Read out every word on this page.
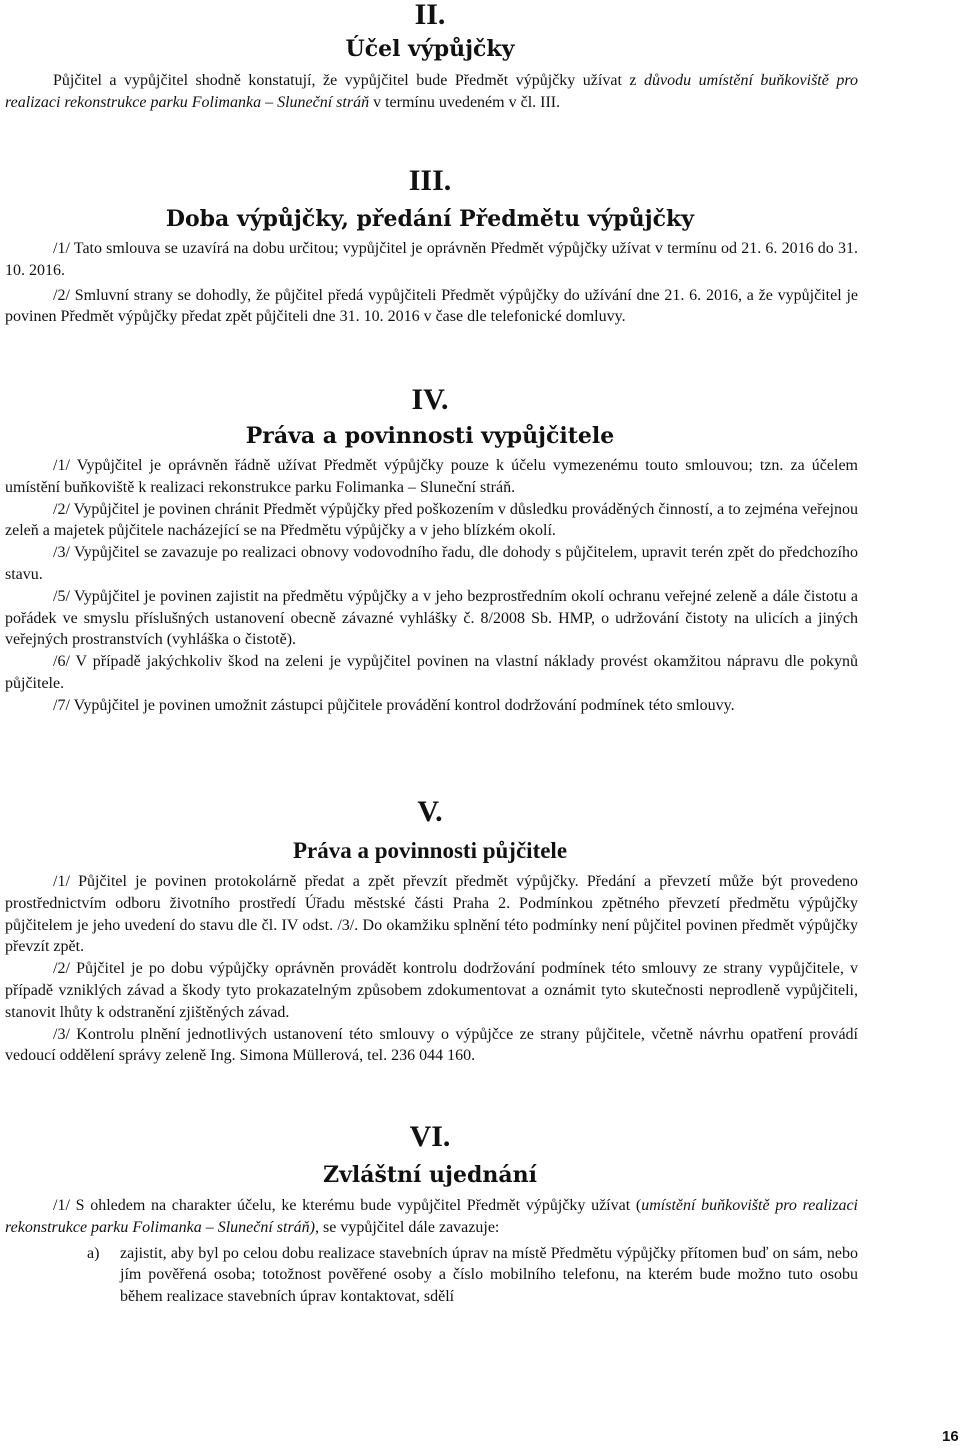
II.
Účel výpůjčky

Půjčitel a vypůjčitel shodně konstatují, že vypůjčitel bude Předmět výpůjčky užívat z důvodu umístění buňkoviště pro realizaci rekonstrukce parku Folimanka – Sluneční stráň v termínu uvedeném v čl. III.

III.
Doba výpůjčky, předání Předmětu výpůjčky

/1/ Tato smlouva se uzavírá na dobu určitou; vypůjčitel je oprávněn Předmět výpůjčky užívat v termínu od 21. 6. 2016 do 31. 10. 2016.

/2/ Smluvní strany se dohodly, že půjčitel předá vypůjčiteli Předmět výpůjčky do užívání dne 21. 6. 2016, a že vypůjčitel je povinen Předmět výpůjčky předat zpět půjčiteli dne 31. 10. 2016 v čase dle telefonické domluvy.

IV.
Práva a povinnosti vypůjčitele

/1/ Vypůjčitel je oprávněn řádně užívat Předmět výpůjčky pouze k účelu vymezenému touto smlouvou; tzn. za účelem umístění buňkoviště k realizaci rekonstrukce parku Folimanka – Sluneční stráň.

/2/ Vypůjčitel je povinen chránit Předmět výpůjčky před poškozením v důsledku prováděných činností, a to zejména veřejnou zeleň a majetek půjčitele nacházející se na Předmětu výpůjčky a v jeho blízkém okolí.

/3/ Vypůjčitel se zavazuje po realizaci obnovy vodovodního řadu, dle dohody s půjčitelem, upravit terén zpět do předchozího stavu.

/5/ Vypůjčitel je povinen zajistit na předmětu výpůjčky a v jeho bezprostředním okolí ochranu veřejné zeleně a dále čistotu a pořádek ve smyslu příslušných ustanovení obecně závazné vyhlášky č. 8/2008 Sb. HMP, o udržování čistoty na ulicích a jiných veřejných prostranstvích (vyhláška o čistotě).

/6/ V případě jakýchkoliv škod na zeleni je vypůjčitel povinen na vlastní náklady provést okamžitou nápravu dle pokynů půjčitele.

/7/ Vypůjčitel je povinen umožnit zástupci půjčitele provádění kontrol dodržování podmínek této smlouvy.

V.
Práva a povinnosti půjčitele

/1/ Půjčitel je povinen protokolárně předat a zpět převzít předmět výpůjčky. Předání a převzetí může být provedeno prostřednictvím odboru životního prostředí Úřadu městské části Praha 2. Podmínkou zpětného převzetí předmětu výpůjčky půjčitelem je jeho uvedení do stavu dle čl. IV odst. /3/. Do okamžiku splnění této podmínky není půjčitel povinen předmět výpůjčky převzít zpět.

/2/ Půjčitel je po dobu výpůjčky oprávněn provádět kontrolu dodržování podmínek této smlouvy ze strany vypůjčitele, v případě vzniklých závad a škody tyto prokazatelným způsobem zdokumentovat a oznámit tyto skutečnosti neprodleně vypůjčiteli, stanovit lhůty k odstranění zjištěných závad.

/3/ Kontrolu plnění jednotlivých ustanovení této smlouvy o výpůjčce ze strany půjčitele, včetně návrhu opatření provádí vedoucí oddělení správy zeleně Ing. Simona Müllerová, tel. 236 044 160.

VI.
Zvláštní ujednání

/1/ S ohledem na charakter účelu, ke kterému bude vypůjčitel Předmět výpůjčky užívat (umístění buňkoviště pro realizaci rekonstrukce parku Folimanka – Sluneční stráň), se vypůjčitel dále zavazuje:

a)	zajistit, aby byl po celou dobu realizace stavebních úprav na místě Předmětu výpůjčky přítomen buď on sám, nebo jím pověřená osoba; totožnost pověřené osoby a číslo mobilního telefonu, na kterém bude možno tuto osobu během realizace stavebních úprav kontaktovat, sdělí
16
